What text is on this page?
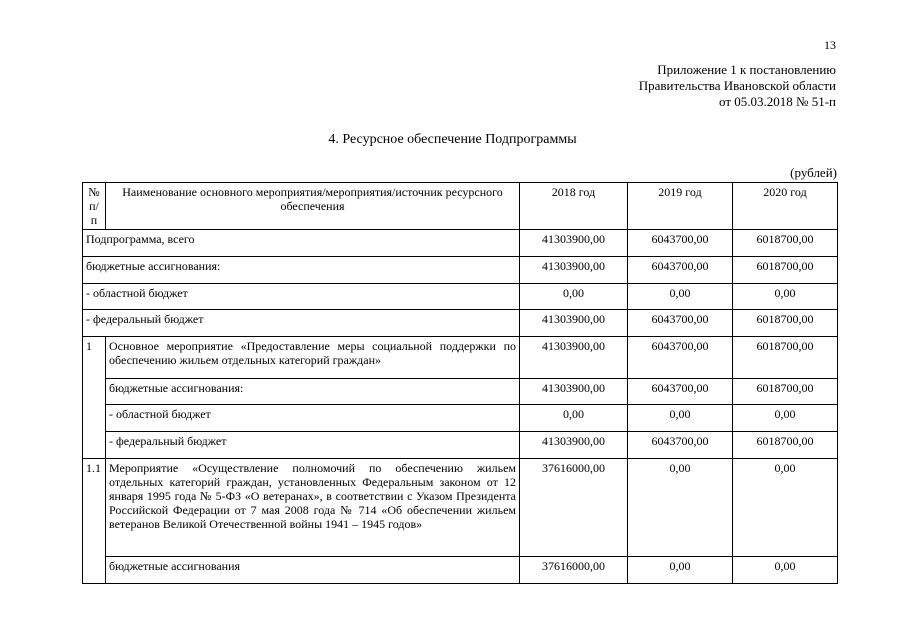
13
Приложение 1 к постановлению
Правительства Ивановской области
от 05.03.2018 № 51-п
4. Ресурсное обеспечение Подпрограммы
(рублей)
№ п/п	Наименование основного мероприятия/мероприятия/источник ресурсного обеспечения	2018 год	2019 год	2020 год
Подпрограмма, всего		41303900,00	6043700,00	6018700,00
бюджетные ассигнования:		41303900,00	6043700,00	6018700,00
- областной бюджет		0,00	0,00	0,00
- федеральный бюджет		41303900,00	6043700,00	6018700,00
1	Основное мероприятие «Предоставление меры социальной поддержки по обеспечению жильем отдельных категорий граждан»	41303900,00	6043700,00	6018700,00
	бюджетные ассигнования:	41303900,00	6043700,00	6018700,00
	- областной бюджет	0,00	0,00	0,00
	- федеральный бюджет	41303900,00	6043700,00	6018700,00
1.1	Мероприятие «Осуществление полномочий по обеспечению жильем отдельных категорий граждан, установленных Федеральным законом от 12 января 1995 года № 5-ФЗ «О ветеранах», в соответствии с Указом Президента Российской Федерации от 7 мая 2008 года № 714 «Об обеспечении жильем ветеранов Великой Отечественной войны 1941 – 1945 годов»	37616000,00	0,00	0,00
	бюджетные ассигнования	37616000,00	0,00	0,00
